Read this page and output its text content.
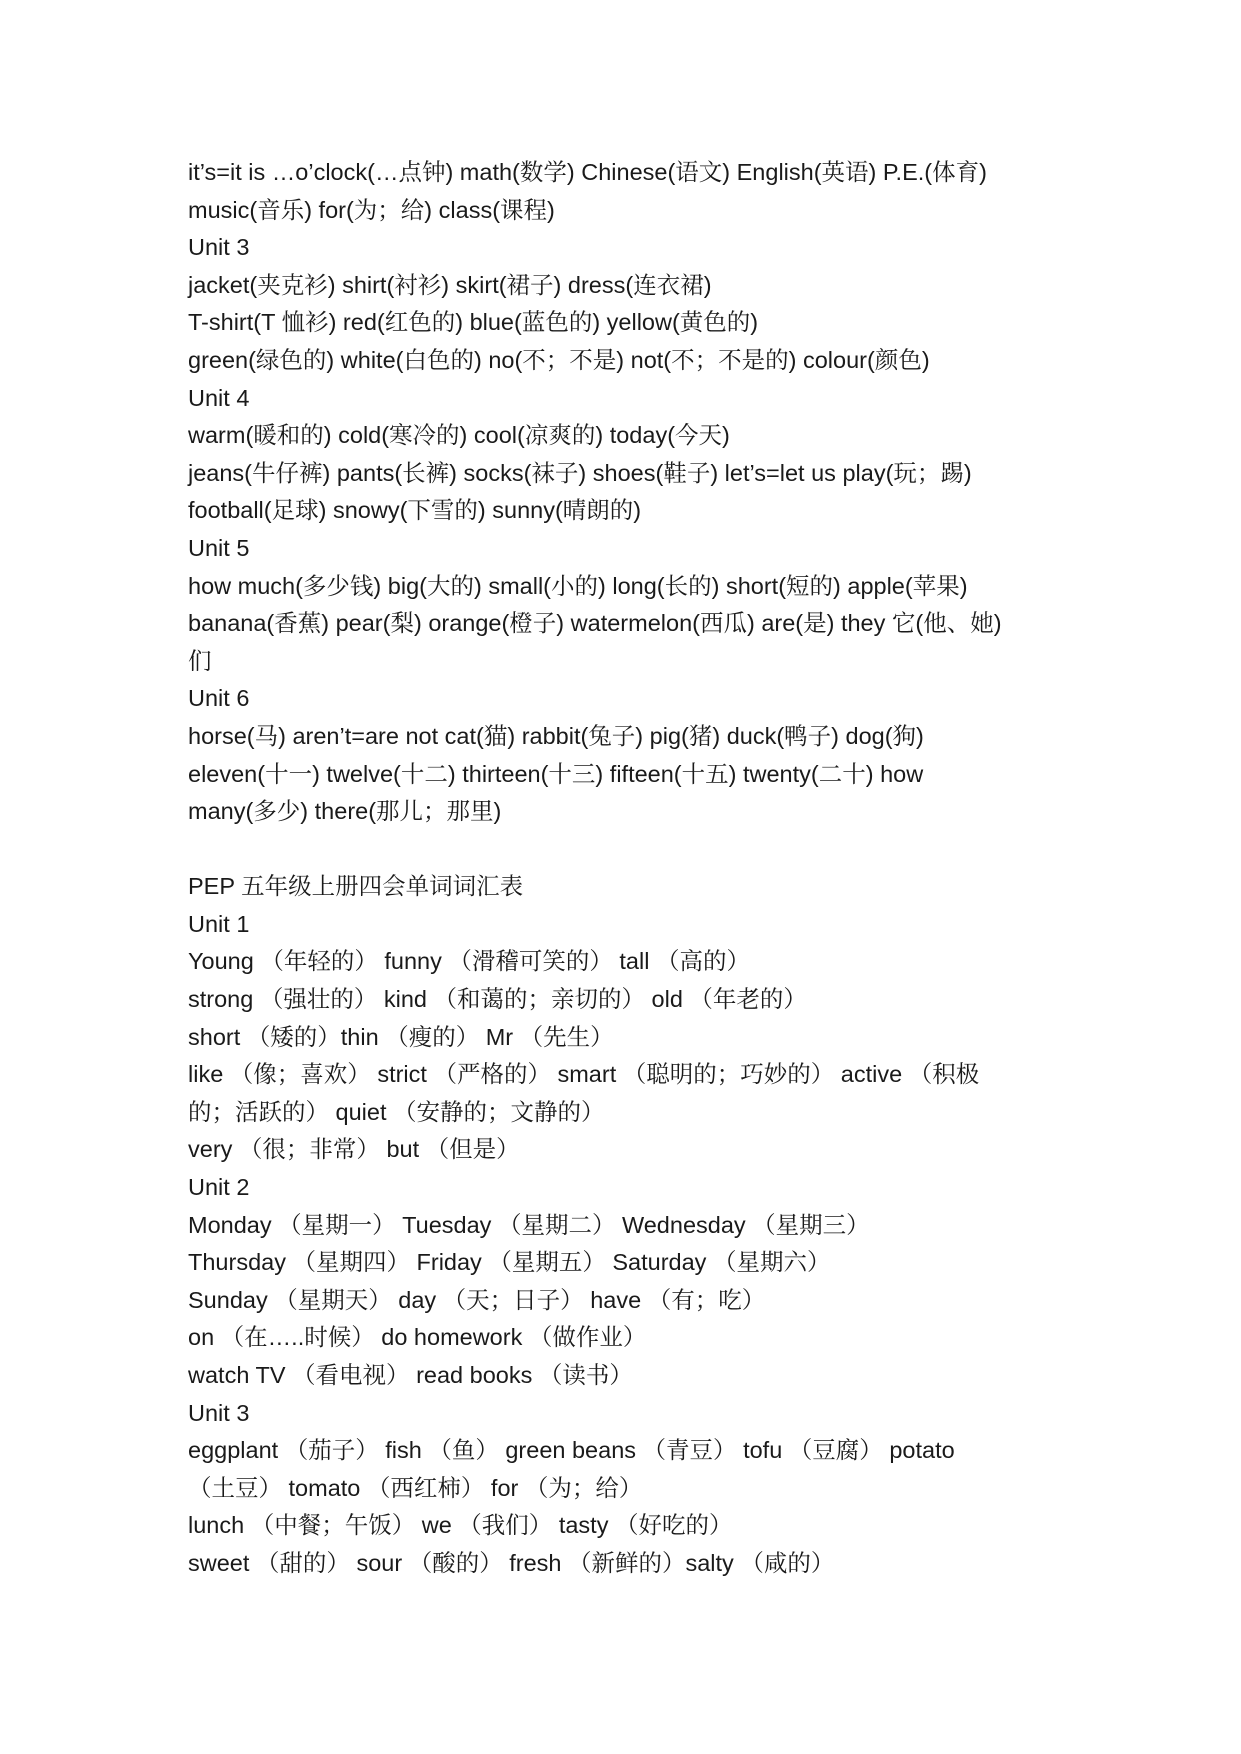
it’s=it is …o’clock(…点钟) math(数学) Chinese(语文) English(英语) P.E.(体育)
music(音乐) for(为；给) class(课程)
Unit 3
jacket(夹克衫) shirt(衬衫) skirt(裙子) dress(连衣裙)
T-shirt(T 恤衫) red(红色的) blue(蓝色的) yellow(黄色的)
green(绿色的) white(白色的) no(不；不是) not(不；不是的) colour(颜色)
Unit 4
warm(暖和的) cold(寒冷的) cool(凉爽的) today(今天)
jeans(牛仔裤) pants(长裤) socks(袜子) shoes(鞋子) let’s=let us play(玩；踢)
football(足球) snowy(下雪的) sunny(晴朗的)
Unit 5
how much(多少钱) big(大的) small(小的) long(长的) short(短的) apple(苹果)
banana(香蕉) pear(梨) orange(橙子) watermelon(西瓜) are(是) they 它(他、她)
们
Unit 6
horse(马) aren’t=are not cat(猫) rabbit(兔子) pig(猪) duck(鸭子) dog(狗)
eleven(十一) twelve(十二) thirteen(十三) fifteen(十五) twenty(二十) how
many(多少) there(那儿；那里)
PEP 五年级上册四会单词词汇表
Unit 1
Young （年轻的） funny （滑稽可笑的） tall （高的）
strong （强壮的） kind （和蔼的；亲切的） old （年老的）
short （矮的）thin （瘦的） Mr （先生）
like （像；喜欢） strict （严格的） smart （聪明的；巧妙的） active （积极
的；活跃的） quiet （安静的；文静的）
very （很；非常） but （但是）
Unit 2
Monday （星期一） Tuesday （星期二） Wednesday （星期三）
Thursday （星期四） Friday （星期五） Saturday （星期六）
Sunday （星期天） day （天；日子） have （有；吃）
on （在…..时候） do homework （做作业）
watch TV （看电视） read books （读书）
Unit 3
eggplant （茄子） fish （鱼） green beans （青豆） tofu （豆腐） potato
（土豆） tomato （西红柿） for （为；给）
lunch （中餐；午饭） we （我们） tasty （好吃的）
sweet （甜的） sour （酸的） fresh （新鲜的）salty （咸的）
